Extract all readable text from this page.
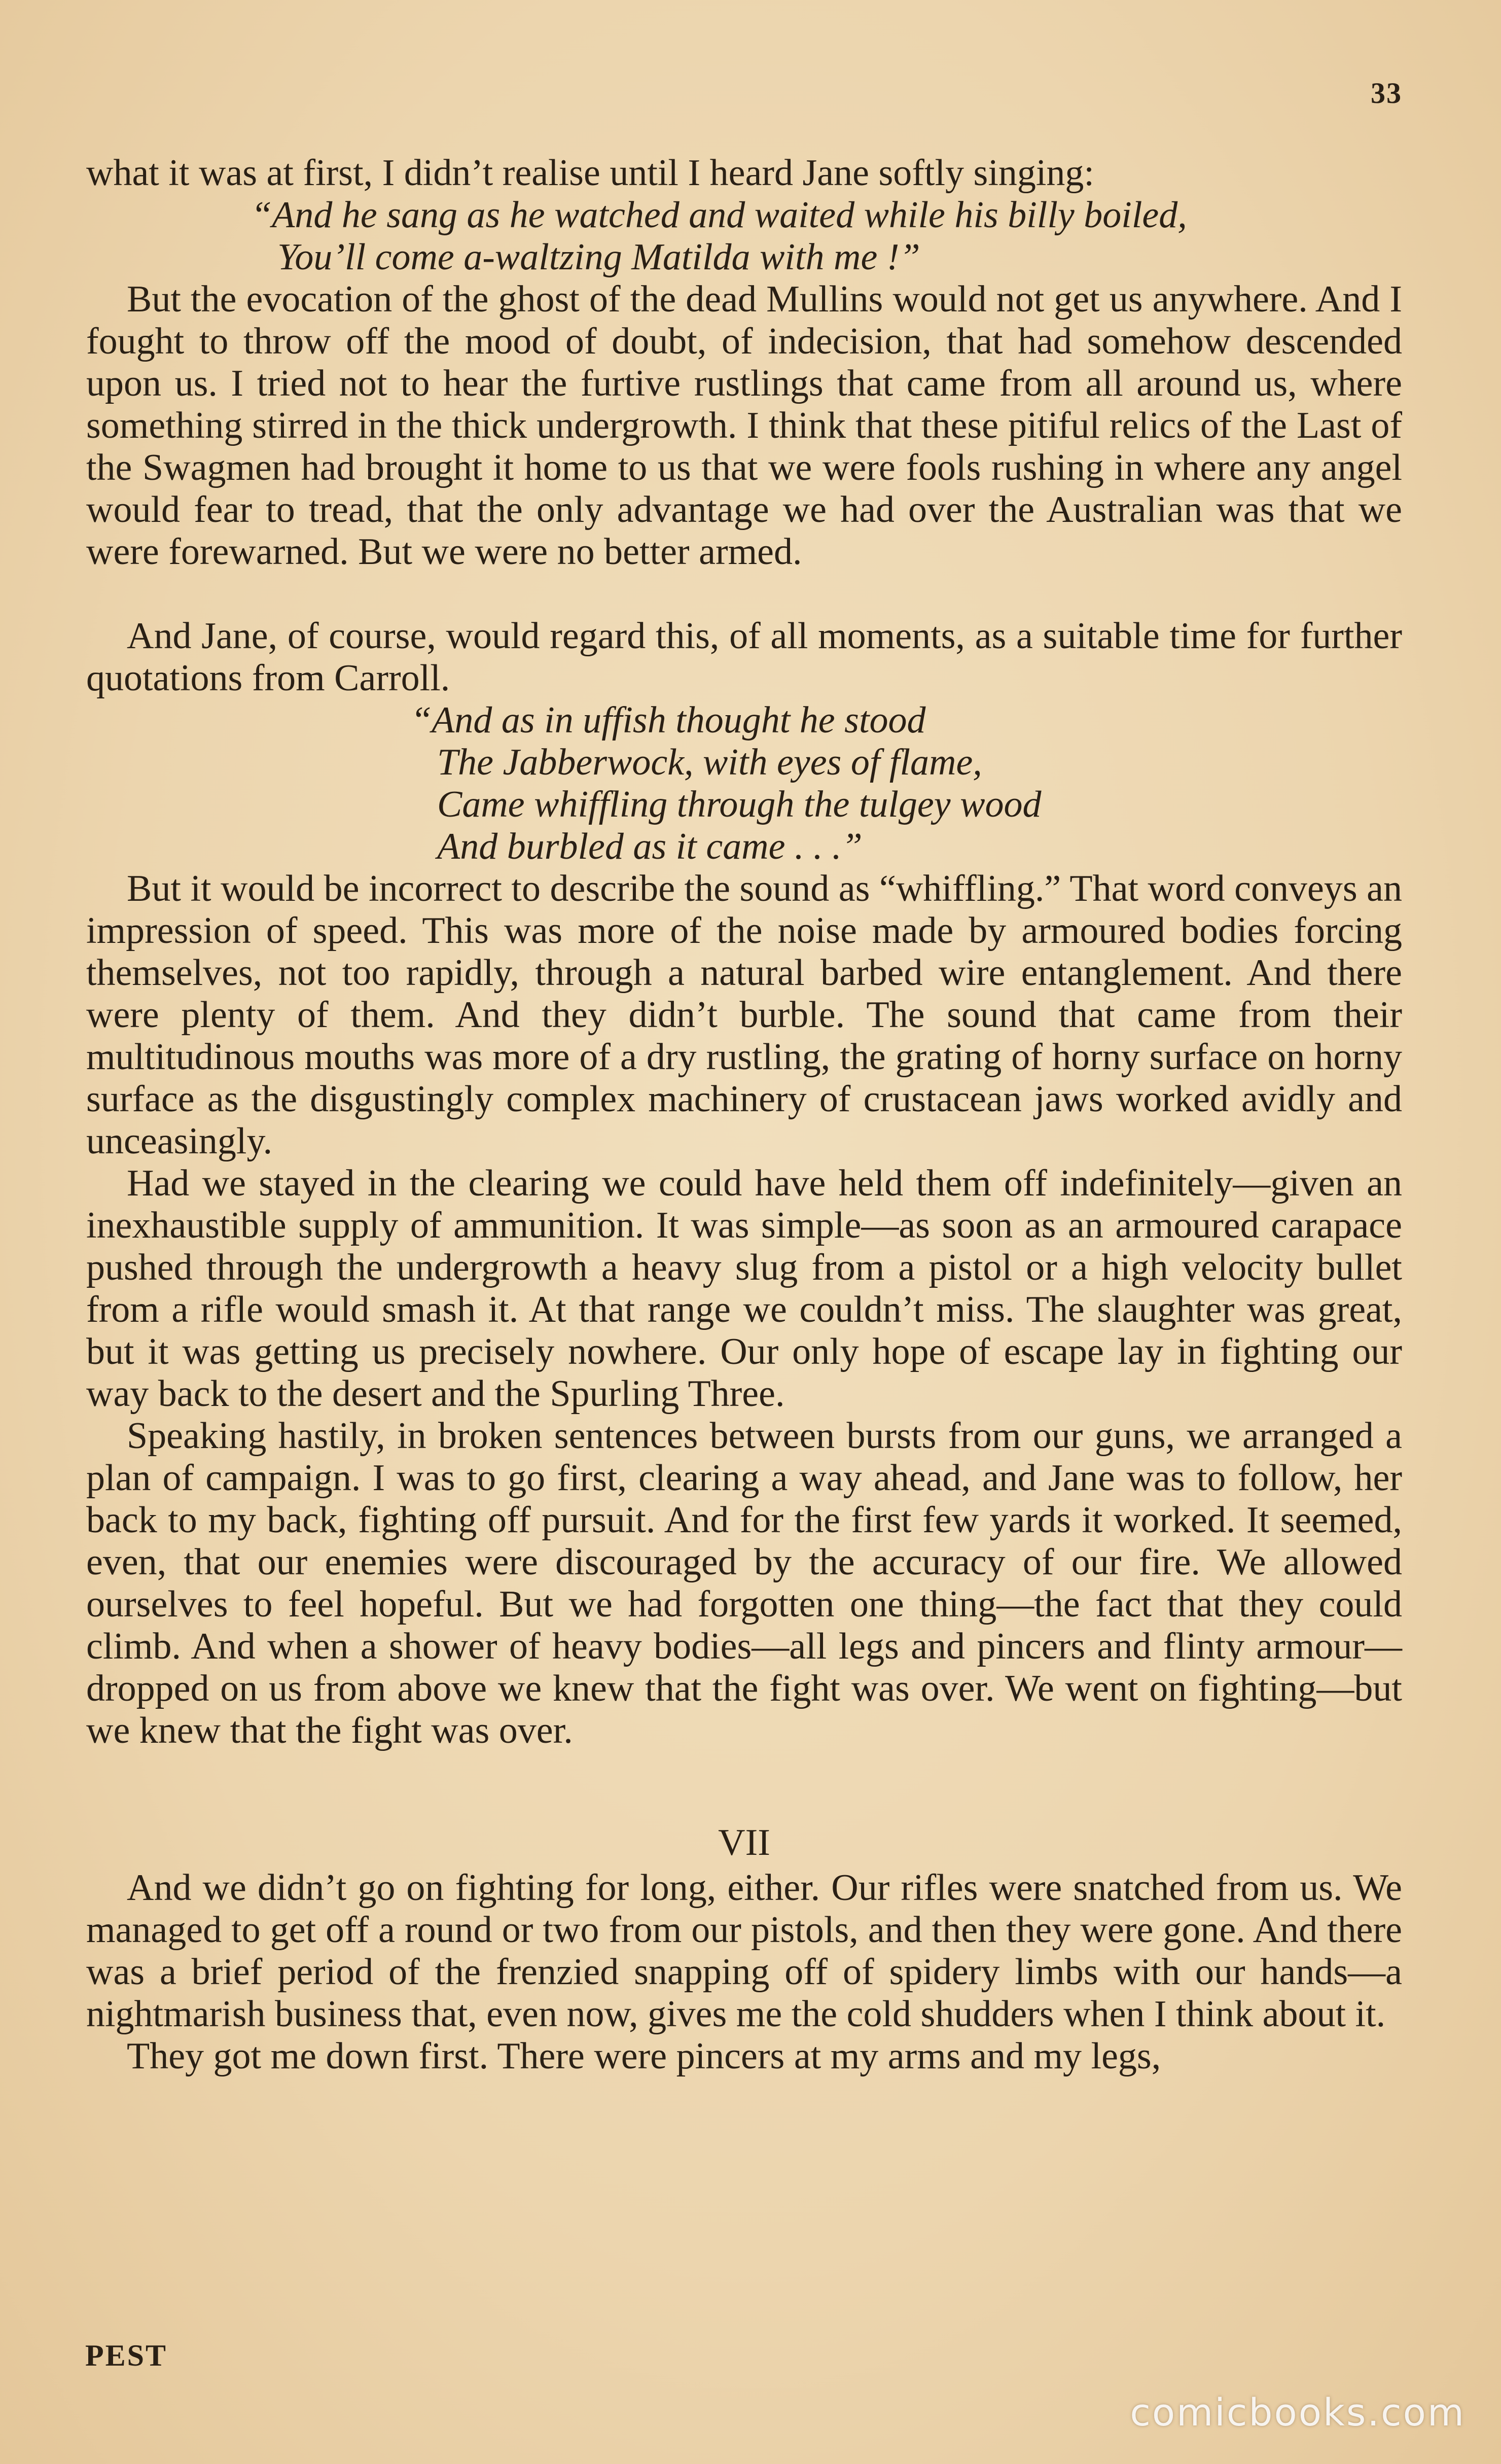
33

what it was at first, I didn’t realise until I heard Jane softly singing:

“And he sang as he watched and waited while his billy boiled,
You’ll come a-waltzing Matilda with me !”

But the evocation of the ghost of the dead Mullins would not get us anywhere. And I fought to throw off the mood of doubt, of indecision, that had somehow descended upon us. I tried not to hear the furtive rustlings that came from all around us, where something stirred in the thick undergrowth. I think that these pitiful relics of the Last of the Swagmen had brought it home to us that we were fools rushing in where any angel would fear to tread, that the only advantage we had over the Australian was that we were forewarned. But we were no better armed.

And Jane, of course, would regard this, of all moments, as a suitable time for further quotations from Carroll.

“And as in uffish thought he stood
The Jabberwock, with eyes of flame,
Came whiffling through the tulgey wood
And burbled as it came . . .”

But it would be incorrect to describe the sound as “whiffling.” That word conveys an impression of speed. This was more of the noise made by armoured bodies forcing themselves, not too rapidly, through a natural barbed wire entanglement. And there were plenty of them. And they didn’t burble. The sound that came from their multitudinous mouths was more of a dry rustling, the grating of horny surface on horny surface as the disgustingly complex machinery of crustacean jaws worked avidly and unceasingly.

Had we stayed in the clearing we could have held them off indefinitely—given an inexhaustible supply of ammunition. It was simple—as soon as an armoured carapace pushed through the undergrowth a heavy slug from a pistol or a high velocity bullet from a rifle would smash it. At that range we couldn’t miss. The slaughter was great, but it was getting us precisely nowhere. Our only hope of escape lay in fighting our way back to the desert and the Spurling Three.

Speaking hastily, in broken sentences between bursts from our guns, we arranged a plan of campaign. I was to go first, clearing a way ahead, and Jane was to follow, her back to my back, fighting off pursuit. And for the first few yards it worked. It seemed, even, that our enemies were discouraged by the accuracy of our fire. We allowed ourselves to feel hopeful. But we had forgotten one thing—the fact that they could climb. And when a shower of heavy bodies—all legs and pincers and flinty armour—dropped on us from above we knew that the fight was over. We went on fighting—but we knew that the fight was over.

VII

And we didn’t go on fighting for long, either. Our rifles were snatched from us. We managed to get off a round or two from our pistols, and then they were gone. And there was a brief period of the frenzied snapping off of spidery limbs with our hands—a nightmarish business that, even now, gives me the cold shudders when I think about it.

They got me down first. There were pincers at my arms and my legs,

PEST
comicbooks.com
